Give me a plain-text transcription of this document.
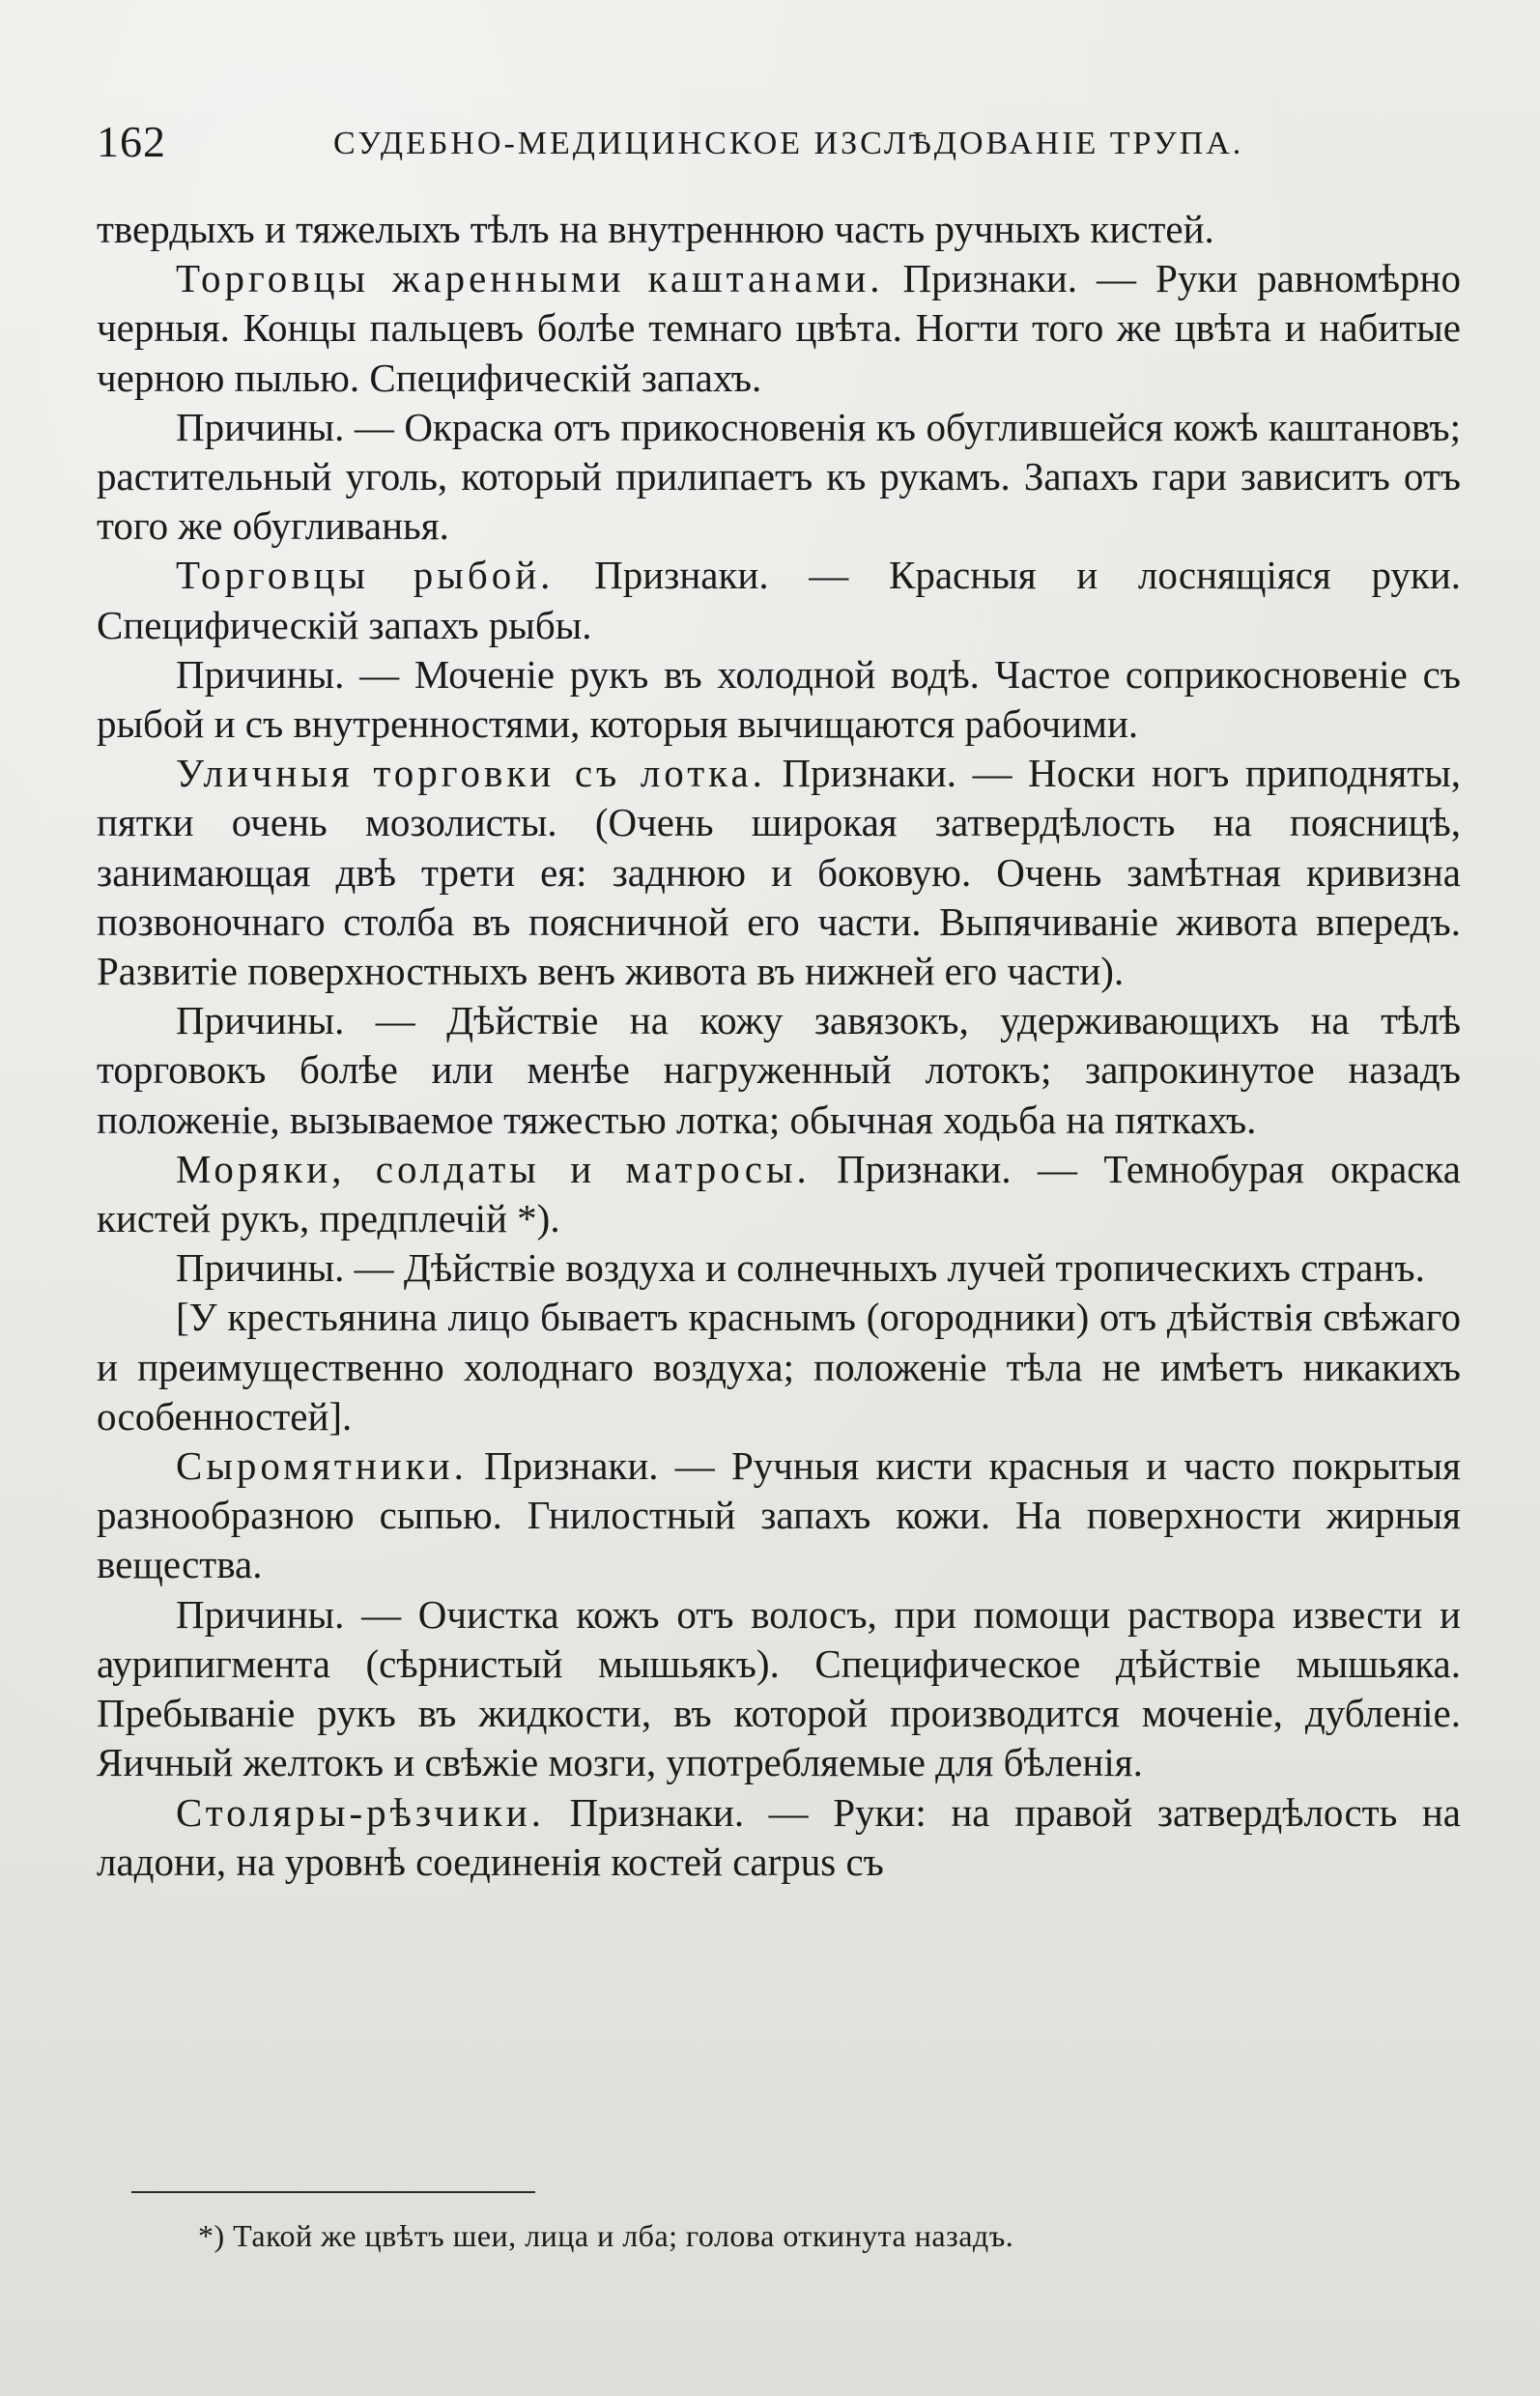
162	СУДЕБНО-МЕДИЦИНСКОЕ ИЗСЛѢДОВАНІЕ ТРУПА.

твердыхъ и тяжелыхъ тѣлъ на внутреннюю часть ручныхъ кистей.

Торговцы жаренными каштанами. Признаки. — Руки равномѣрно черныя. Концы пальцевъ болѣе темнаго цвѣта. Ногти того же цвѣта и набитые черною пылью. Специфическій запахъ.

Причины. — Окраска отъ прикосновенія къ обуглившейся кожѣ каштановъ; растительный уголь, который прилипаетъ къ рукамъ. Запахъ гари зависитъ отъ того же обугливанья.

Торговцы рыбой. Признаки. — Красныя и лоснящіяся руки. Специфическій запахъ рыбы.

Причины. — Моченіе рукъ въ холодной водѣ. Частое соприкосновеніе съ рыбой и съ внутренностями, которыя вычищаются рабочими.

Уличныя торговки съ лотка. Признаки. — Носки ногъ приподняты, пятки очень мозолисты. (Очень широкая затвердѣлость на поясницѣ, занимающая двѣ трети ея: заднюю и боковую. Очень замѣтная кривизна позвоночнаго столба въ поясничной его части. Выпячиваніе живота впередъ. Развитіе поверхностныхъ венъ живота въ нижней его части).

Причины. — Дѣйствіе на кожу завязокъ, удерживающихъ на тѣлѣ торговокъ болѣе или менѣе нагруженный лотокъ; запрокинутое назадъ положеніе, вызываемое тяжестью лотка; обычная ходьба на пяткахъ.

Моряки, солдаты и матросы. Признаки. — Темнобурая окраска кистей рукъ, предплечій *).

Причины. — Дѣйствіе воздуха и солнечныхъ лучей тропическихъ странъ.

[У крестьянина лицо бываетъ краснымъ (огородники) отъ дѣйствія свѣжаго и преимущественно холоднаго воздуха; положеніе тѣла не имѣетъ никакихъ особенностей].

Сыромятники. Признаки. — Ручныя кисти красныя и часто покрытыя разнообразною сыпью. Гнилостный запахъ кожи. На поверхности жирныя вещества.

Причины. — Очистка кожъ отъ волосъ, при помощи раствора извести и аурипигмента (сѣрнистый мышьякъ). Специфическое дѣйствіе мышьяка. Пребываніе рукъ въ жидкости, въ которой производится моченіе, дубленіе. Яичный желтокъ и свѣжіе мозги, употребляемые для бѣленія.

Столяры-рѣзчики. Признаки. — Руки: на правой затвердѣлость на ладони, на уровнѣ соединенія костей carpus съ

*) Такой же цвѣтъ шеи, лица и лба; голова откинута назадъ.
